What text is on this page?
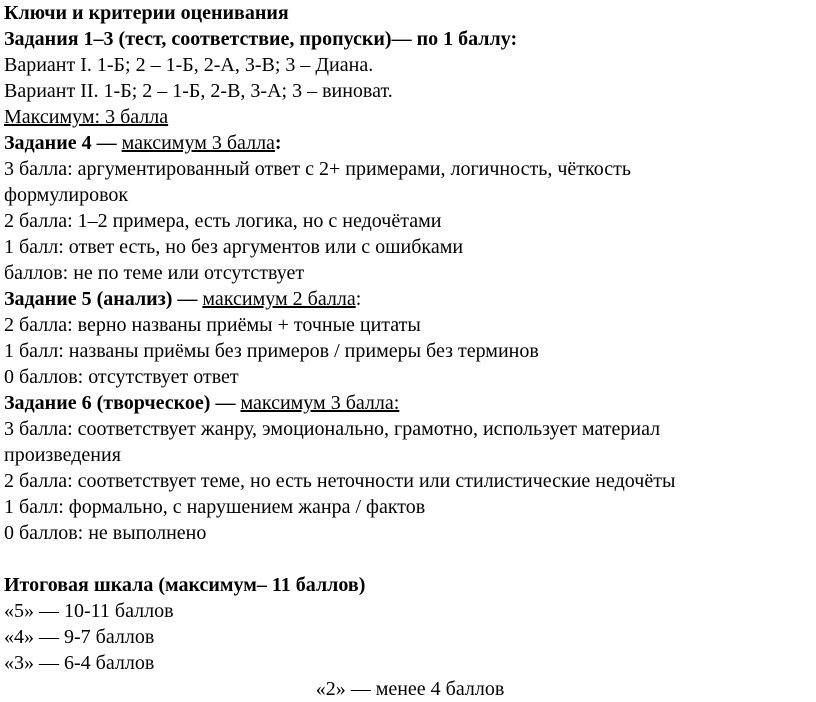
Ключи и критерии оценивания
Задания 1–3 (тест, соответствие, пропуски)— по 1 баллу:
Вариант I. 1-Б; 2 – 1-Б, 2-А, 3-В; 3 – Диана.
Вариант II. 1-Б; 2 – 1-Б, 2-В, 3-А; 3 – виноват.
Максимум: 3 балла
Задание 4 — максимум 3 балла:
3 балла: аргументированный ответ с 2+ примерами, логичность, чёткость
формулировок
2 балла: 1–2 примера, есть логика, но с недочётами
1 балл: ответ есть, но без аргументов или с ошибками
баллов: не по теме или отсутствует
Задание 5 (анализ) — максимум 2 балла:
2 балла: верно названы приёмы + точные цитаты
1 балл: названы приёмы без примеров / примеры без терминов
0 баллов: отсутствует ответ
Задание 6 (творческое) — максимум 3 балла:
3 балла: соответствует жанру, эмоционально, грамотно, использует материал
произведения
2 балла: соответствует теме, но есть неточности или стилистические недочёты
1 балл: формально, с нарушением жанра / фактов
0 баллов: не выполнено
Итоговая шкала (максимум– 11 баллов)
«5» — 10-11 баллов
«4» — 9-7 баллов
«3» — 6-4 баллов
«2» — менее 4 баллов
